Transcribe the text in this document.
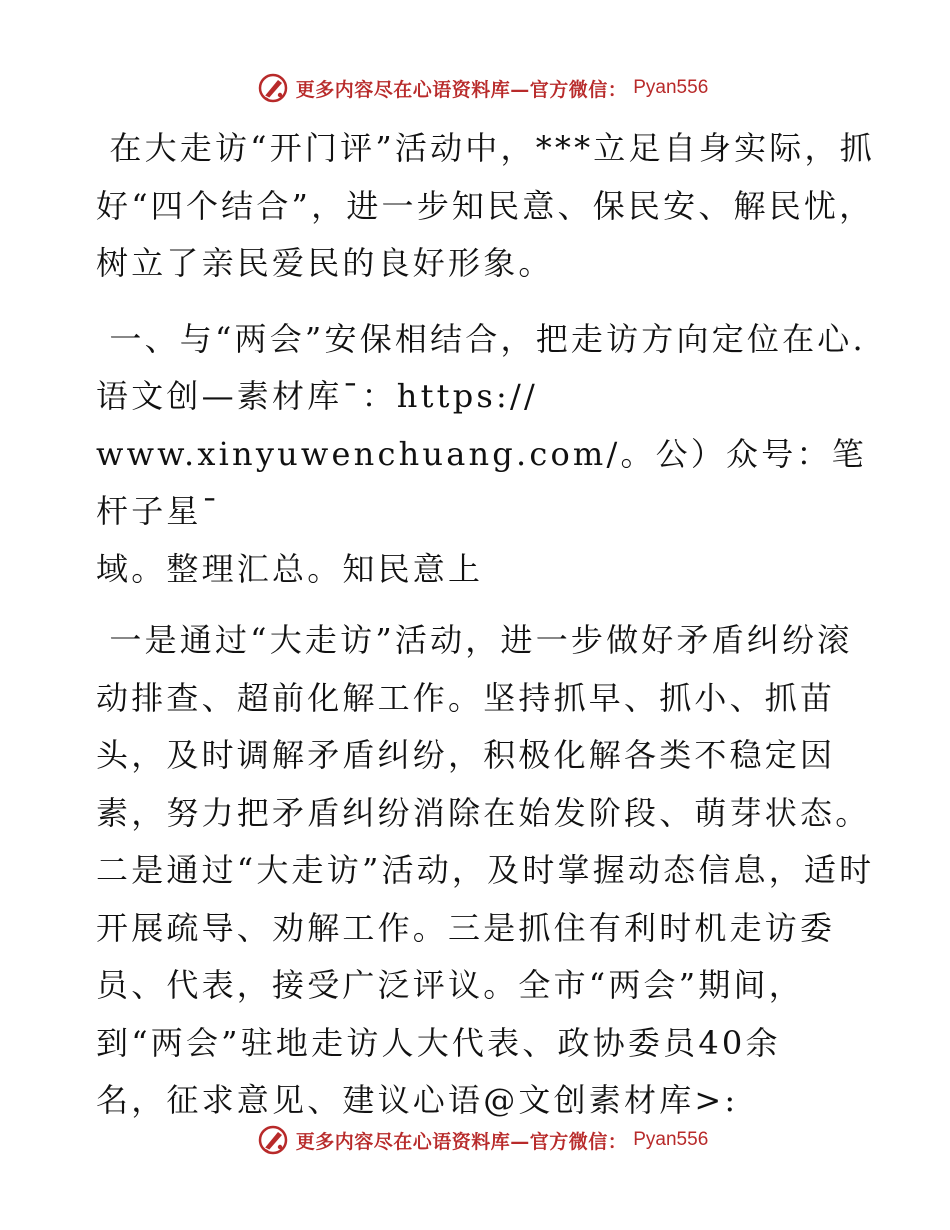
更多内容尽在心语资料库—官方微信： Pyan556

在大走访“开门评”活动中，***立足自身实际，抓好“四个结合”，进一步知民意、保民安、解民忧，树立了亲民爱民的良好形象。

一、与“两会”安保相结合，把走访方向定位在心.语文创—素材库¯：https://

www.xinyuwenchuang.com/。公）众号：笔杆子星¯

域。整理汇总。知民意上

一是通过“大走访”活动，进一步做好矛盾纠纷滚动排查、超前化解工作。坚持抓早、抓小、抓苗头，及时调解矛盾纠纷，积极化解各类不稳定因素，努力把矛盾纠纷消除在始发阶段、萌芽状态。二是通过“大走访”活动，及时掌握动态信息，适时开展疏导、劝解工作。三是抓住有利时机走访委员、代表，接受广泛评议。全市“两会”期间，

到“两会”驻地走访人大代表、政协委员40余

名，征求意见、建议心语@文创素材库>:

更多内容尽在心语资料库—官方微信： Pyan556
